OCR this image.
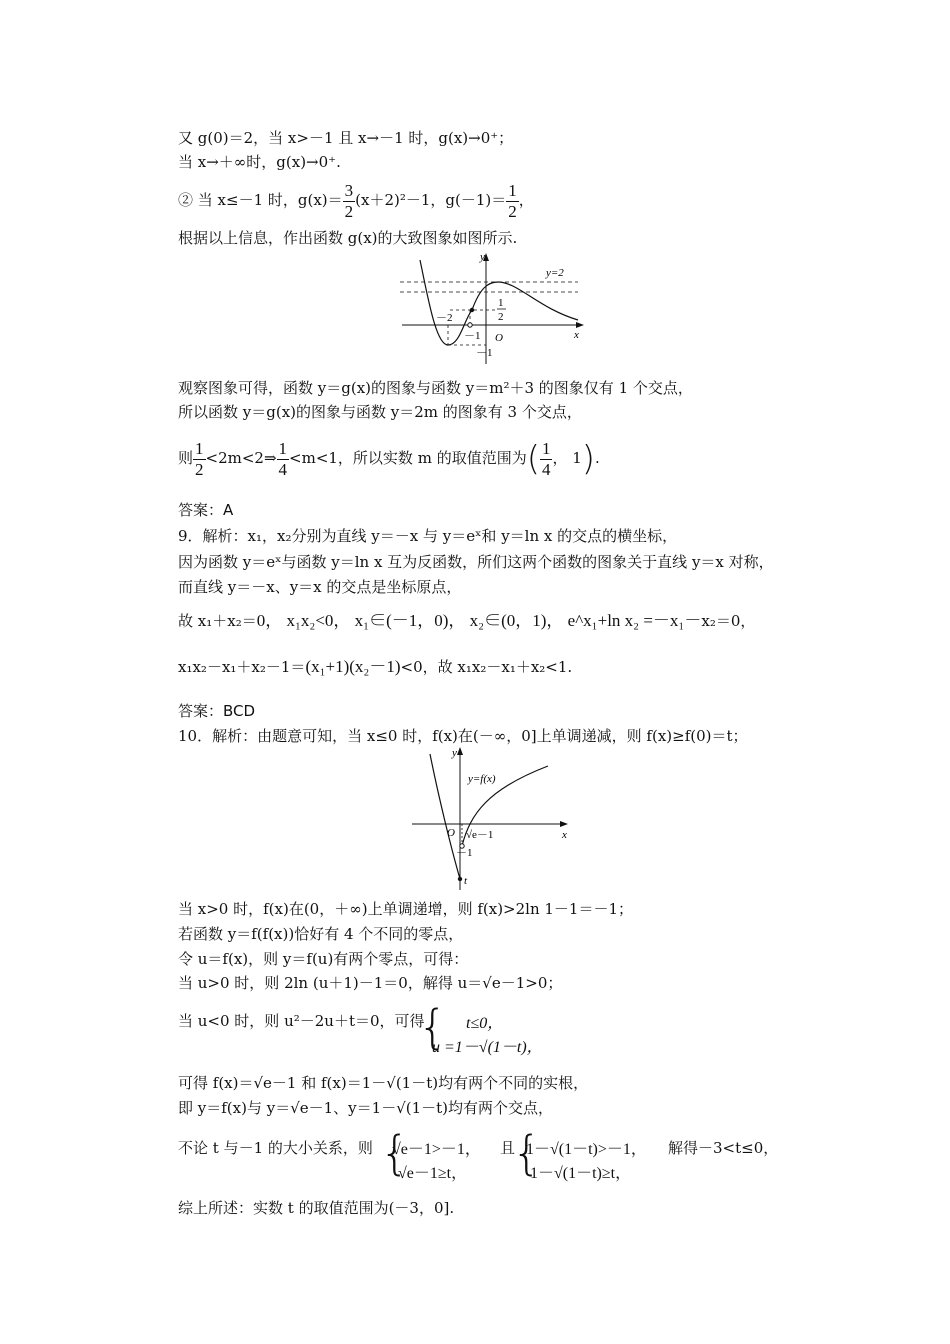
又 g(0)＝2，当 x>－1 且 x→－1 时，g(x)→0⁺；
当 x→＋∞时，g(x)→0⁺.
② 当 x≤－1 时，$g(x)= \frac{3}{2} (x+2)^2-1$，$g(-1)= \frac{1}{2}$ ，
根据以上信息，作出函数 g(x)的大致图象如图所示.
y
x
y=2
O
1
2
－2
－1
－1
观察图象可得，函数 y＝g(x)的图象与函数 y＝m²＋3 的图象仅有 1 个交点，
所以函数 y＝g(x)的图象与函数 y＝2m 的图象有 3 个交点，
则 $\frac{1}{2}$ <2m<2⇒ $\frac{1}{4} <m<1$，所以实数 m 的取值范围为( $\frac{1}{4}$ ， 1).
答案：A
9．解析：x₁，x₂分别为直线 y＝－x 与 y＝eˣ和 y＝ln x 的交点的横坐标，
因为函数 y＝eˣ与函数 y＝ln x 互为反函数，所们这两个函数的图象关于直线 y＝x 对称，
而直线 y＝－x、y＝x 的交点是坐标原点，
故 x₁＋x₂＝0， x₁x₂<0， x₁∈(－1，0)， x₂∈(0，1)， e^x₁+ln x₂ =－x₁－x₂＝0，
x₁x₂－x₁＋x₂－1＝(x₁+1)(x₂－1)<0，故 x₁x₂－x₁＋x₂<1.
答案：BCD
10．解析：由题意可知，当 x≤0 时，f(x)在(－∞，0]上单调递减，则 f(x)≥f(0)＝t；
y
x
y=f(x)
O √e－1
－1
t
当 x>0 时，f(x)在(0，＋∞)上单调递增，则 f(x)>2ln 1－1＝－1；
若函数 y＝f(f(x))恰好有 4 个不同的零点，
令 u＝f(x)，则 y＝f(u)有两个零点，可得：
当 u>0 时，则 2ln (u＋1)－1＝0，解得 u＝√e－1>0；
当 u<0 时，则 u²－2u＋t＝0，可得
{ t≤0，
u =1－√(1－t)，
可得 f(x)＝√e－1 和 f(x)＝1－√(1－t)均有两个不同的实根，
即 y＝f(x)与 y＝√e－1、y＝1－√(1－t)均有两个交点，
不论 t 与－1 的大小关系，则 {
√e－1>－1，
√e－1≥t，
且
{
1－√(1－t)>－1，
1－√(1－t)≥t，
解得－3<t≤0，
综上所述：实数 t 的取值范围为(－3，0].
